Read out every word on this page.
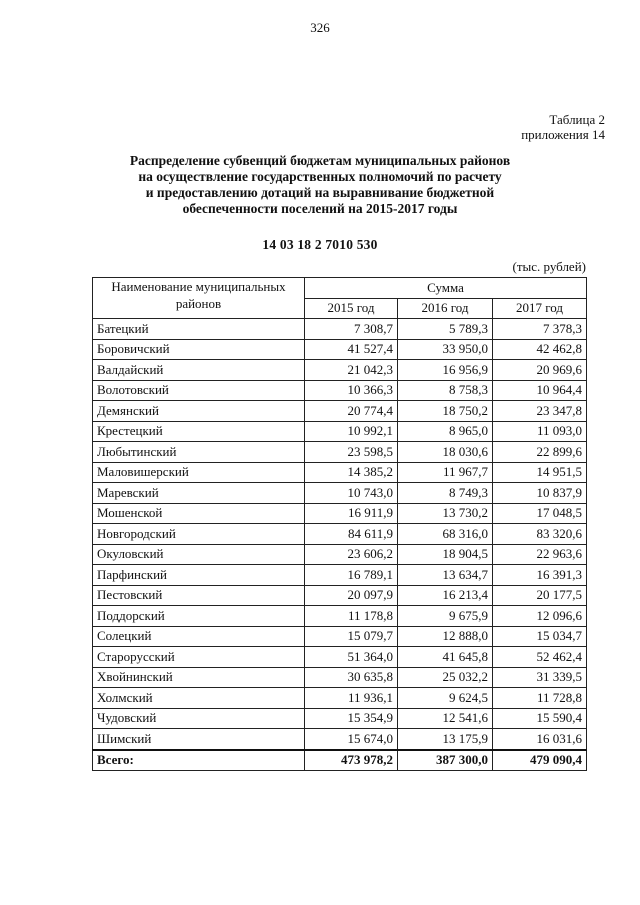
326
Таблица 2
приложения 14
Распределение субвенций бюджетам муниципальных районов
на осуществление государственных полномочий по расчету
и предоставлению дотаций на выравнивание бюджетной
обеспеченности поселений на 2015-2017 годы
14 03 18 2 7010 530
(тыс. рублей)
Наименование муниципальных районов	Сумма		
	2015 год	2016 год	2017 год
Батецкий	7 308,7	5 789,3	7 378,3
Боровичский	41 527,4	33 950,0	42 462,8
Валдайский	21 042,3	16 956,9	20 969,6
Волотовский	10 366,3	8 758,3	10 964,4
Демянский	20 774,4	18 750,2	23 347,8
Крестецкий	10 992,1	8 965,0	11 093,0
Любытинский	23 598,5	18 030,6	22 899,6
Маловишерский	14 385,2	11 967,7	14 951,5
Маревский	10 743,0	8 749,3	10 837,9
Мошенской	16 911,9	13 730,2	17 048,5
Новгородский	84 611,9	68 316,0	83 320,6
Окуловский	23 606,2	18 904,5	22 963,6
Парфинский	16 789,1	13 634,7	16 391,3
Пестовский	20 097,9	16 213,4	20 177,5
Поддорский	11 178,8	9 675,9	12 096,6
Солецкий	15 079,7	12 888,0	15 034,7
Старорусский	51 364,0	41 645,8	52 462,4
Хвойнинский	30 635,8	25 032,2	31 339,5
Холмский	11 936,1	9 624,5	11 728,8
Чудовский	15 354,9	12 541,6	15 590,4
Шимский	15 674,0	13 175,9	16 031,6
Всего:	473 978,2	387 300,0	479 090,4
